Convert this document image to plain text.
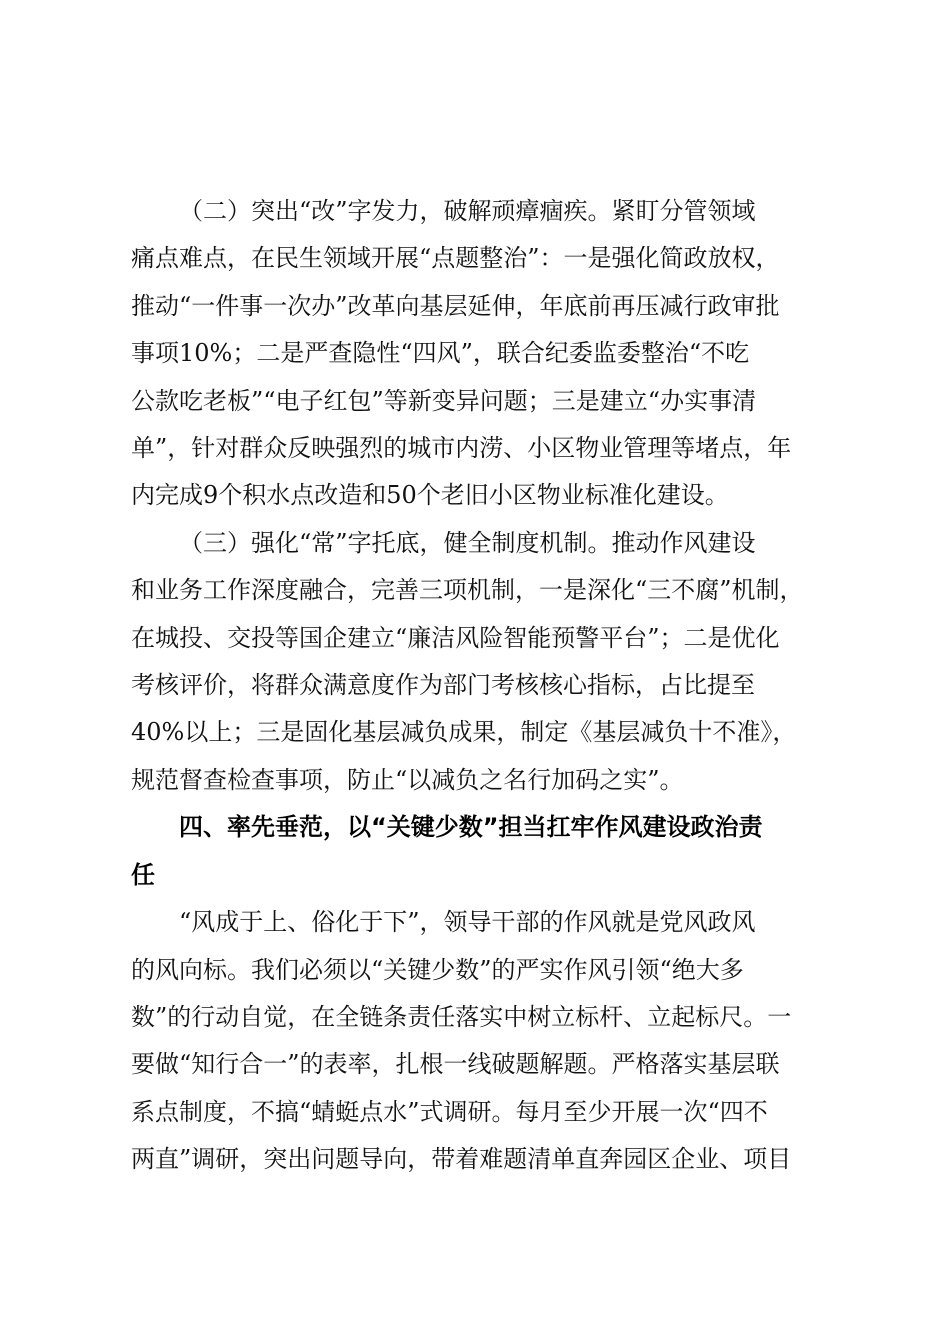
（二）突出“改”字发力，破解顽瘴痼疾。紧盯分管领域
痛点难点，在民生领域开展“点题整治”：一是强化简政放权，
推动“一件事一次办”改革向基层延伸，年底前再压减行政审批
事项10%；二是严查隐性“四风”，联合纪委监委整治“不吃
公款吃老板”“电子红包”等新变异问题；三是建立“办实事清
单”，针对群众反映强烈的城市内涝、小区物业管理等堵点，年
内完成9个积水点改造和50个老旧小区物业标准化建设。

（三）强化“常”字托底，健全制度机制。推动作风建设
和业务工作深度融合，完善三项机制，一是深化“三不腐”机制，
在城投、交投等国企建立“廉洁风险智能预警平台”；二是优化
考核评价，将群众满意度作为部门考核核心指标，占比提至
40%以上；三是固化基层减负成果，制定《基层减负十不准》，
规范督查检查事项，防止“以减负之名行加码之实”。

四、率先垂范，以“关键少数”担当扛牢作风建设政治责
任

“风成于上、俗化于下”，领导干部的作风就是党风政风
的风向标。我们必须以“关键少数”的严实作风引领“绝大多
数”的行动自觉，在全链条责任落实中树立标杆、立起标尺。一
要做“知行合一”的表率，扎根一线破题解题。严格落实基层联
系点制度，不搞“蜻蜓点水”式调研。每月至少开展一次“四不
两直”调研，突出问题导向，带着难题清单直奔园区企业、项目
